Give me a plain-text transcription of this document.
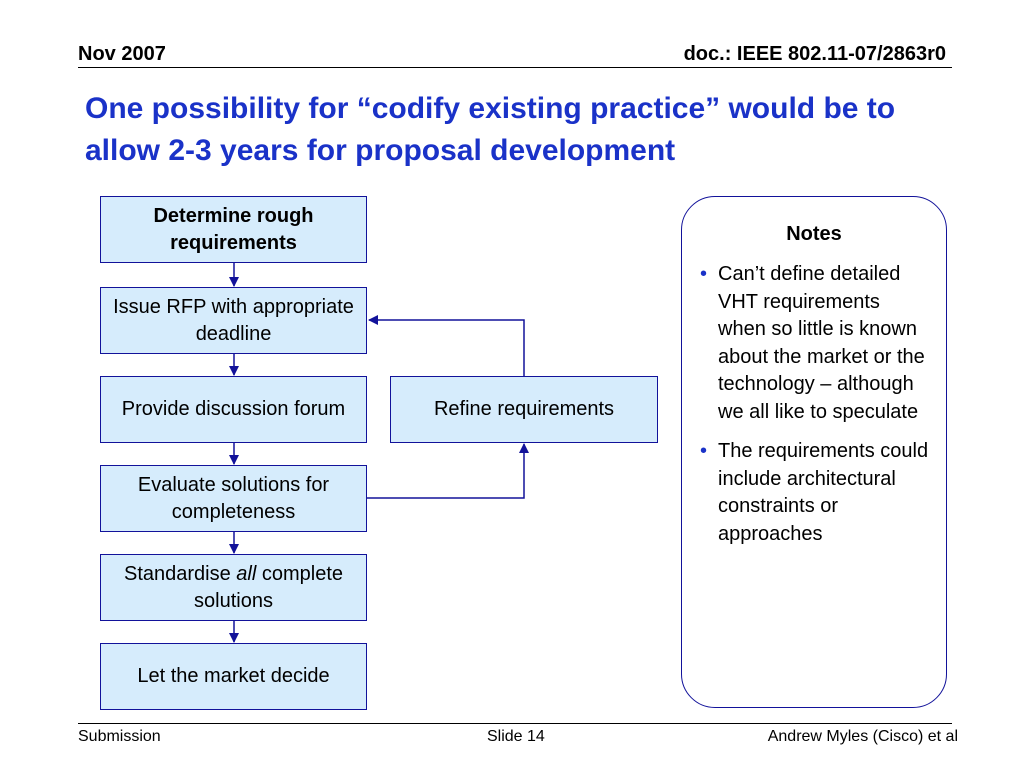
Nov 2007	doc.: IEEE 802.11-07/2863r0
One possibility for “codify existing practice” would be to allow 2-3 years for proposal development
Determine rough requirements
Issue RFP with appropriate deadline
Provide discussion forum
Evaluate solutions for completeness
Standardise all complete solutions
Let the market decide
Refine requirements
Notes
• Can’t define detailed VHT requirements when so little is known about the market or the technology – although we all like to speculate
• The requirements could include architectural constraints or approaches
Submission	Slide 14	Andrew Myles (Cisco) et al
